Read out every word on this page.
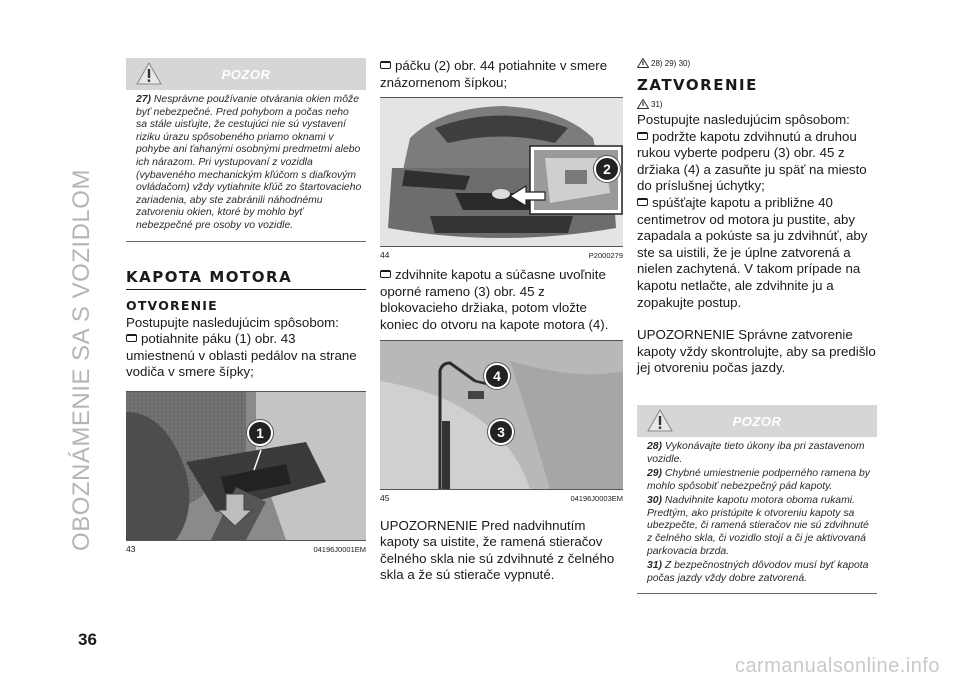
OBOZNÁMENIE SA S VOZIDLOM
36
carmanualsonline.info
POZOR

27) Nesprávne používanie otvárania okien môže byť nebezpečné. Pred pohybom a počas neho sa stále uisťujte, že cestujúci nie sú vystavení riziku úrazu spôsobeného priamo oknami v pohybe ani ťahanými osobnými predmetmi alebo ich nárazom. Pri vystupovaní z vozidla (vybaveného mechanickým kľúčom s diaľkovým ovládačom) vždy vytiahnite kľúč zo štartovacieho zariadenia, aby ste zabránili náhodnému zatvoreniu okien, ktoré by mohlo byť nebezpečné pre osoby vo vozidle.

KAPOTA MOTORA
OTVORENIE

Postupujte nasledujúcim spôsobom:

potiahnite páku (1) obr. 43 umiestnenú v oblasti pedálov na strane vodiča v smere šípky;

1
43	04196J0001EM

páčku (2) obr. 44 potiahnite v smere znázornenom šípkou;

2
44	P2000279

zdvihnite kapotu a súčasne uvoľnite oporné rameno (3) obr. 45 z blokovacieho držiaka, potom vložte koniec do otvoru na kapote motora (4).

4
3
45	04196J0003EM

UPOZORNENIE Pred nadvihnutím kapoty sa uistite, že ramená stieračov čelného skla nie sú zdvihnuté z čelného skla a že sú stierače vypnuté.

28) 29) 30)
ZATVORENIE
31)

Postupujte nasledujúcim spôsobom:

podržte kapotu zdvihnutú a druhou rukou vyberte podperu (3) obr. 45 z držiaka (4) a zasuňte ju späť na miesto do príslušnej úchytky;

spúšťajte kapotu a približne 40 centimetrov od motora ju pustite, aby zapadala a pokúste sa ju zdvihnúť, aby ste sa uistili, že je úplne zatvorená a nielen zachytená. V takom prípade na kapotu netlačte, ale zdvihnite ju a zopakujte postup.

UPOZORNENIE Správne zatvorenie kapoty vždy skontrolujte, aby sa predišlo jej otvoreniu počas jazdy.

POZOR

28) Vykonávajte tieto úkony iba pri zastavenom vozidle.

29) Chybné umiestnenie podperného ramena by mohlo spôsobiť nebezpečný pád kapoty.

30) Nadvihnite kapotu motora oboma rukami. Predtým, ako pristúpite k otvoreniu kapoty sa ubezpečte, či ramená stieračov nie sú zdvihnuté z čelného skla, či vozidlo stojí a či je aktivovaná parkovacia brzda.

31) Z bezpečnostných dôvodov musí byť kapota počas jazdy vždy dobre zatvorená.
